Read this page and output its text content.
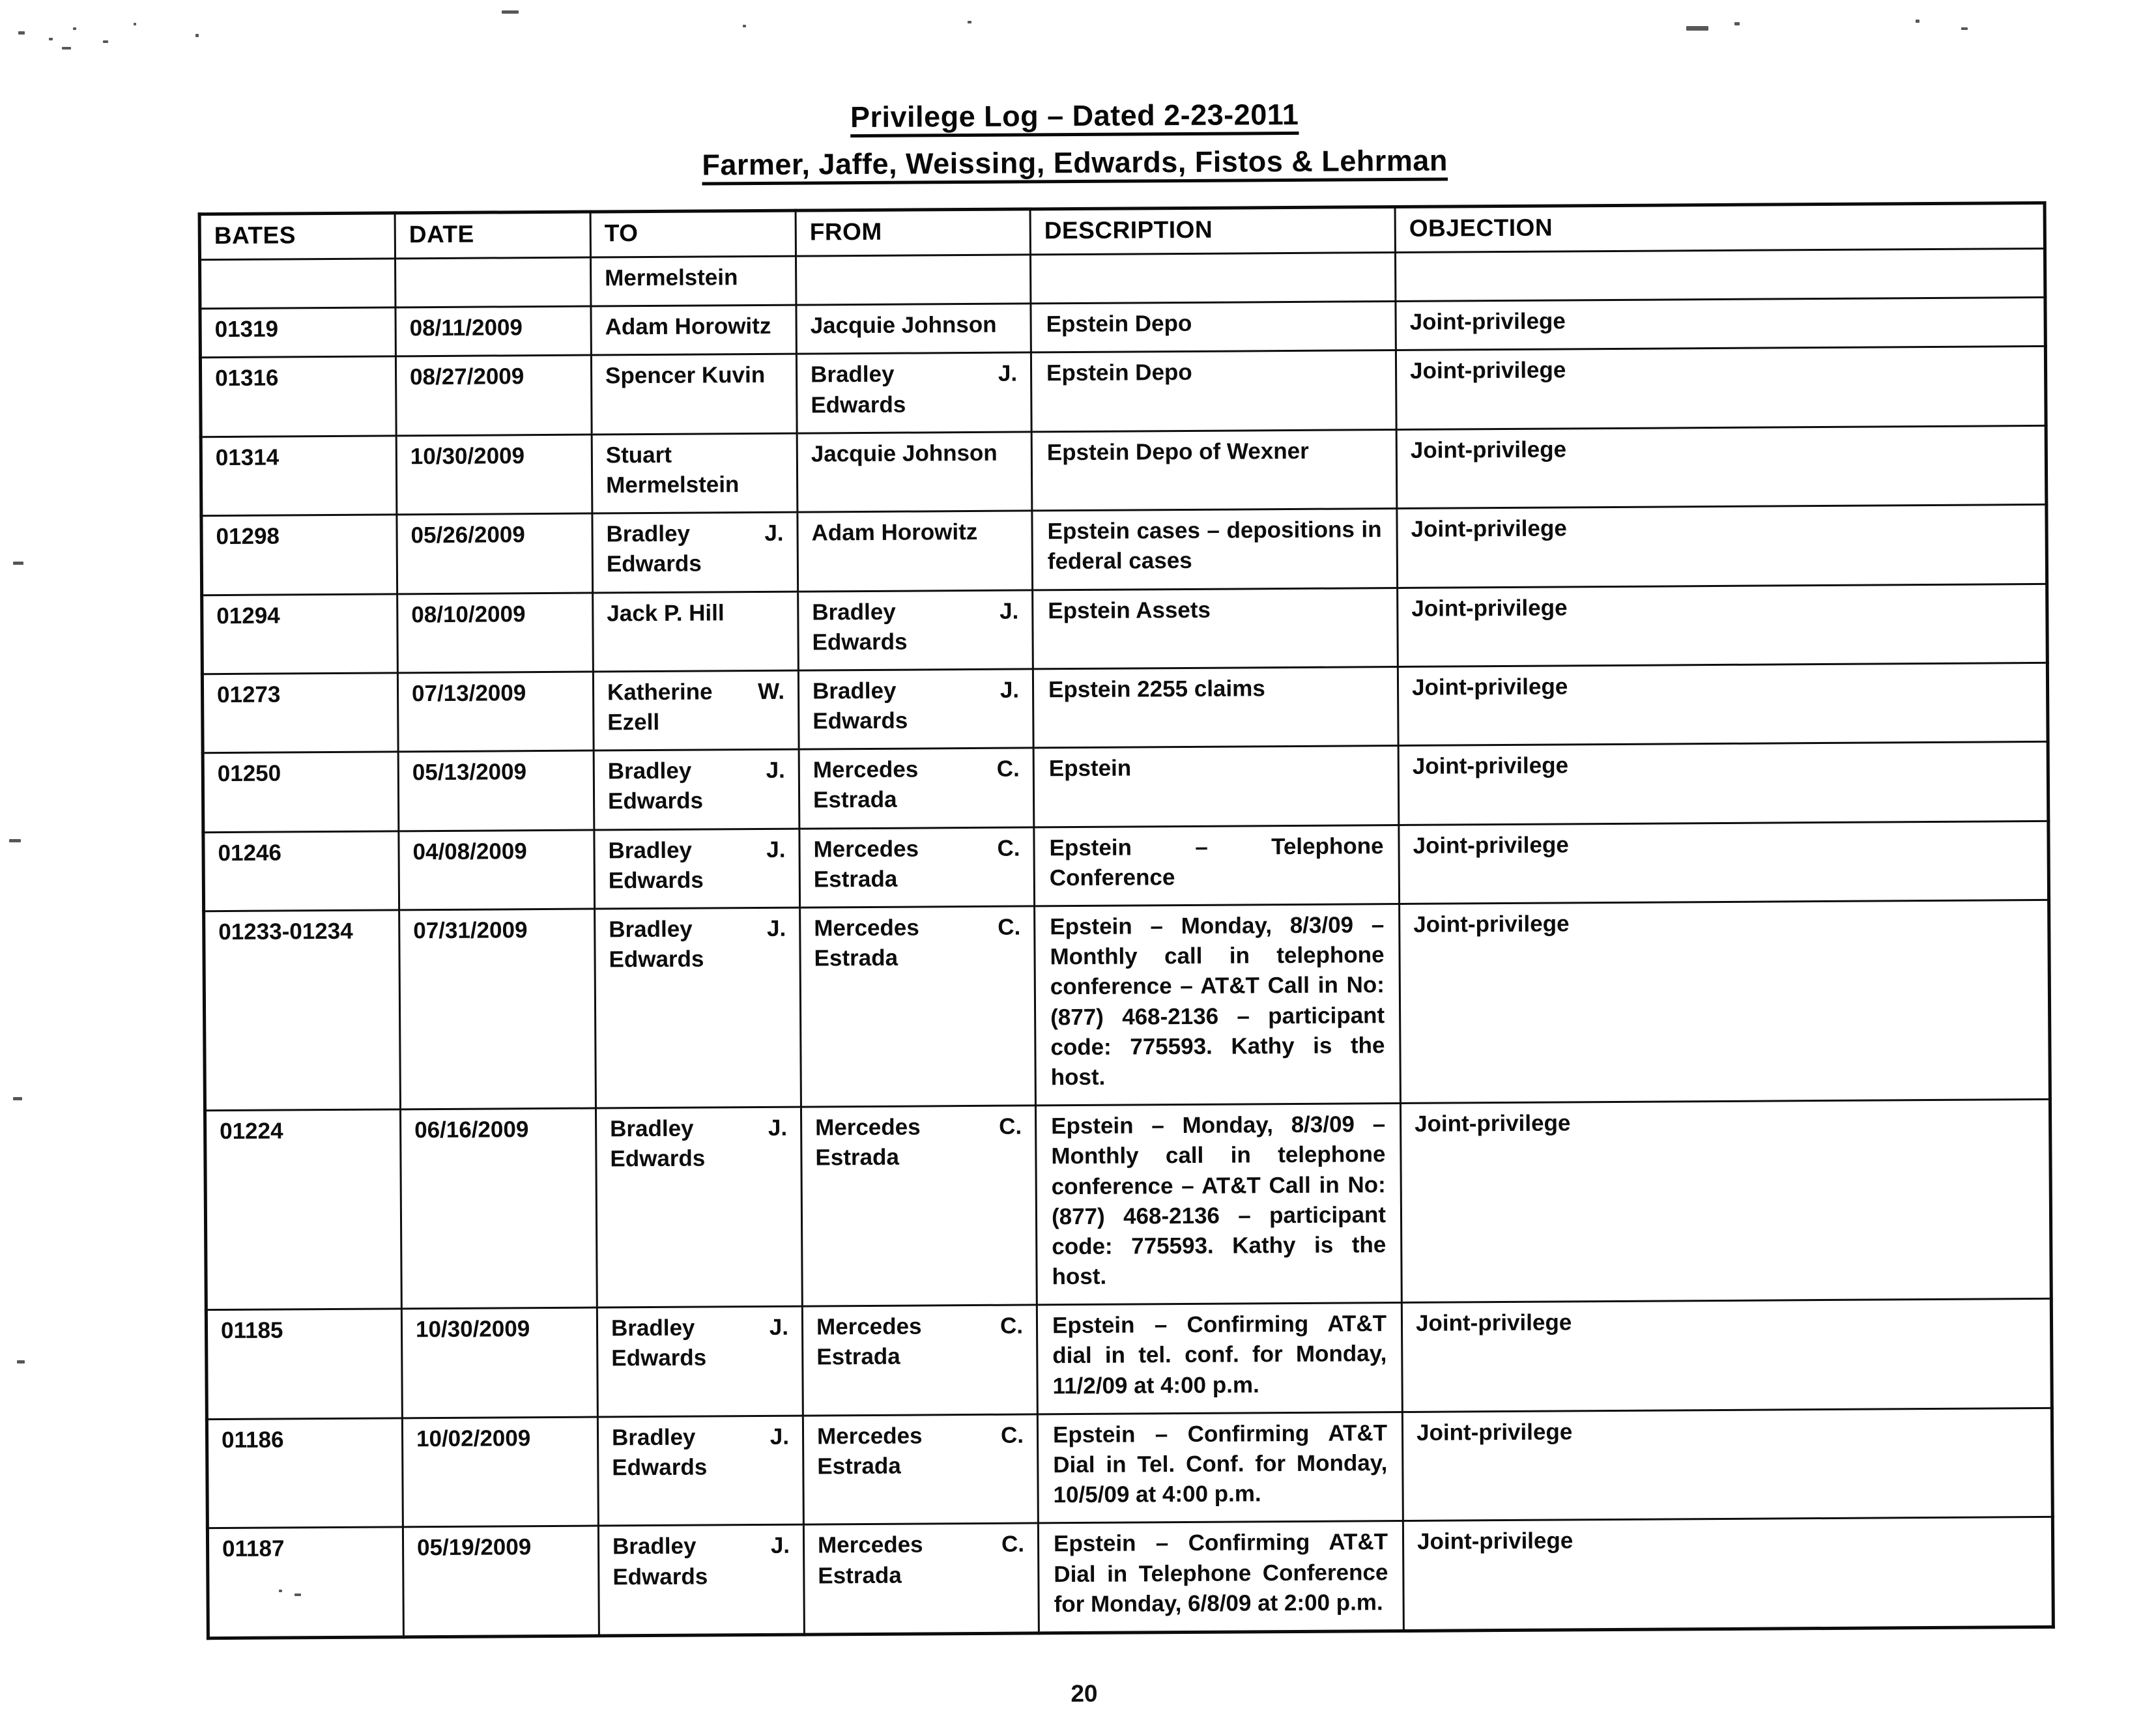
Privilege Log – Dated 2-23-2011
Farmer, Jaffe, Weissing, Edwards, Fistos & Lehrman
BATES	DATE	TO	FROM	DESCRIPTION	OBJECTION
		Mermelstein			
01319	08/11/2009	Adam Horowitz	Jacquie Johnson	Epstein Depo	Joint-privilege
01316	08/27/2009	Spencer Kuvin	Bradley J. Edwards	Epstein Depo	Joint-privilege
01314	10/30/2009	Stuart Mermelstein	Jacquie Johnson	Epstein Depo of Wexner	Joint-privilege
01298	05/26/2009	Bradley J. Edwards	Adam Horowitz	Epstein cases – depositions in federal cases	Joint-privilege
01294	08/10/2009	Jack P. Hill	Bradley J. Edwards	Epstein Assets	Joint-privilege
01273	07/13/2009	Katherine W. Ezell	Bradley J. Edwards	Epstein 2255 claims	Joint-privilege
01250	05/13/2009	Bradley J. Edwards	Mercedes C. Estrada	Epstein	Joint-privilege
01246	04/08/2009	Bradley J. Edwards	Mercedes C. Estrada	Epstein – Telephone Conference	Joint-privilege
01233-01234	07/31/2009	Bradley J. Edwards	Mercedes C. Estrada	Epstein – Monday, 8/3/09 – Monthly call in telephone conference – AT&T Call in No: (877) 468-2136 – participant code: 775593. Kathy is the host.	Joint-privilege
01224	06/16/2009	Bradley J. Edwards	Mercedes C. Estrada	Epstein – Monday, 8/3/09 – Monthly call in telephone conference – AT&T Call in No: (877) 468-2136 – participant code: 775593. Kathy is the host.	Joint-privilege
01185	10/30/2009	Bradley J. Edwards	Mercedes C. Estrada	Epstein – Confirming AT&T dial in tel. conf. for Monday, 11/2/09 at 4:00 p.m.	Joint-privilege
01186	10/02/2009	Bradley J. Edwards	Mercedes C. Estrada	Epstein – Confirming AT&T Dial in Tel. Conf. for Monday, 10/5/09 at 4:00 p.m.	Joint-privilege
01187	05/19/2009	Bradley J. Edwards	Mercedes C. Estrada	Epstein – Confirming AT&T Dial in Telephone Conference for Monday, 6/8/09 at 2:00 p.m.	Joint-privilege
20
